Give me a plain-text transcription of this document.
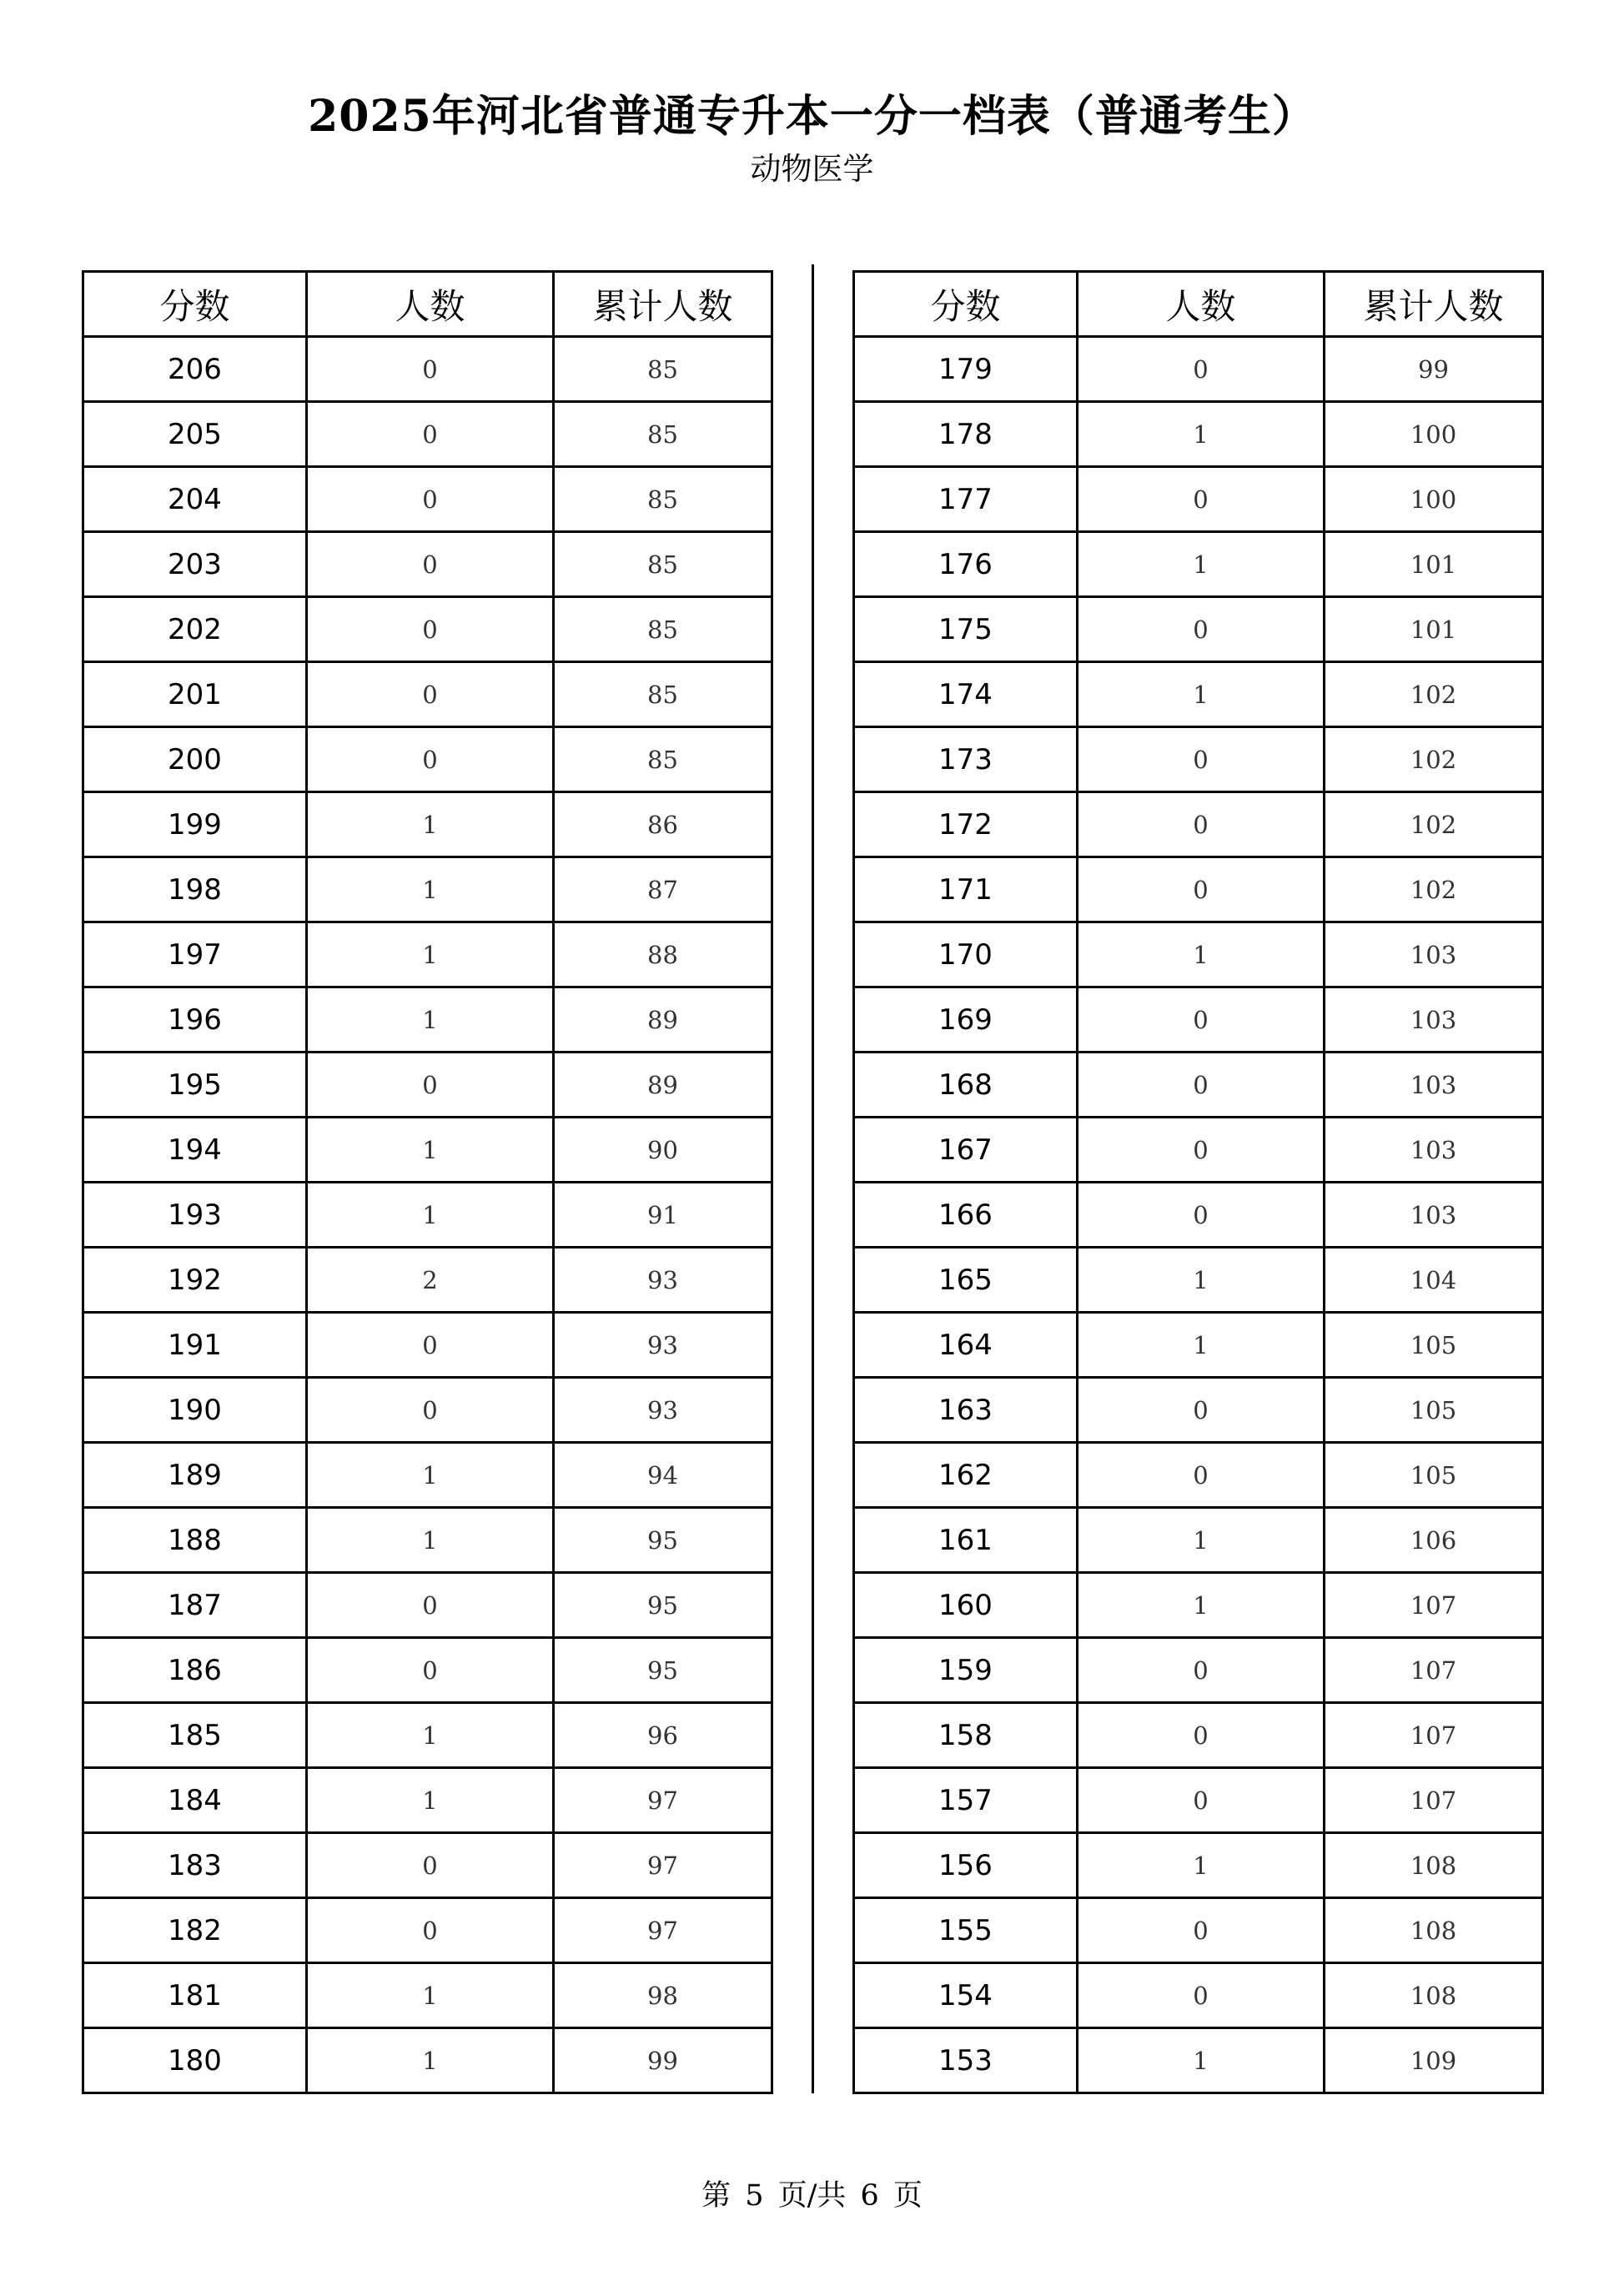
2025年河北省普通专升本一分一档表（普通考生）
动物医学
分数	人数	累计人数
206	0	85
205	0	85
204	0	85
203	0	85
202	0	85
201	0	85
200	0	85
199	1	86
198	1	87
197	1	88
196	1	89
195	0	89
194	1	90
193	1	91
192	2	93
191	0	93
190	0	93
189	1	94
188	1	95
187	0	95
186	0	95
185	1	96
184	1	97
183	0	97
182	0	97
181	1	98
180	1	99
分数	人数	累计人数
179	0	99
178	1	100
177	0	100
176	1	101
175	0	101
174	1	102
173	0	102
172	0	102
171	0	102
170	1	103
169	0	103
168	0	103
167	0	103
166	0	103
165	1	104
164	1	105
163	0	105
162	0	105
161	1	106
160	1	107
159	0	107
158	0	107
157	0	107
156	1	108
155	0	108
154	0	108
153	1	109
第 5 页/共 6 页
